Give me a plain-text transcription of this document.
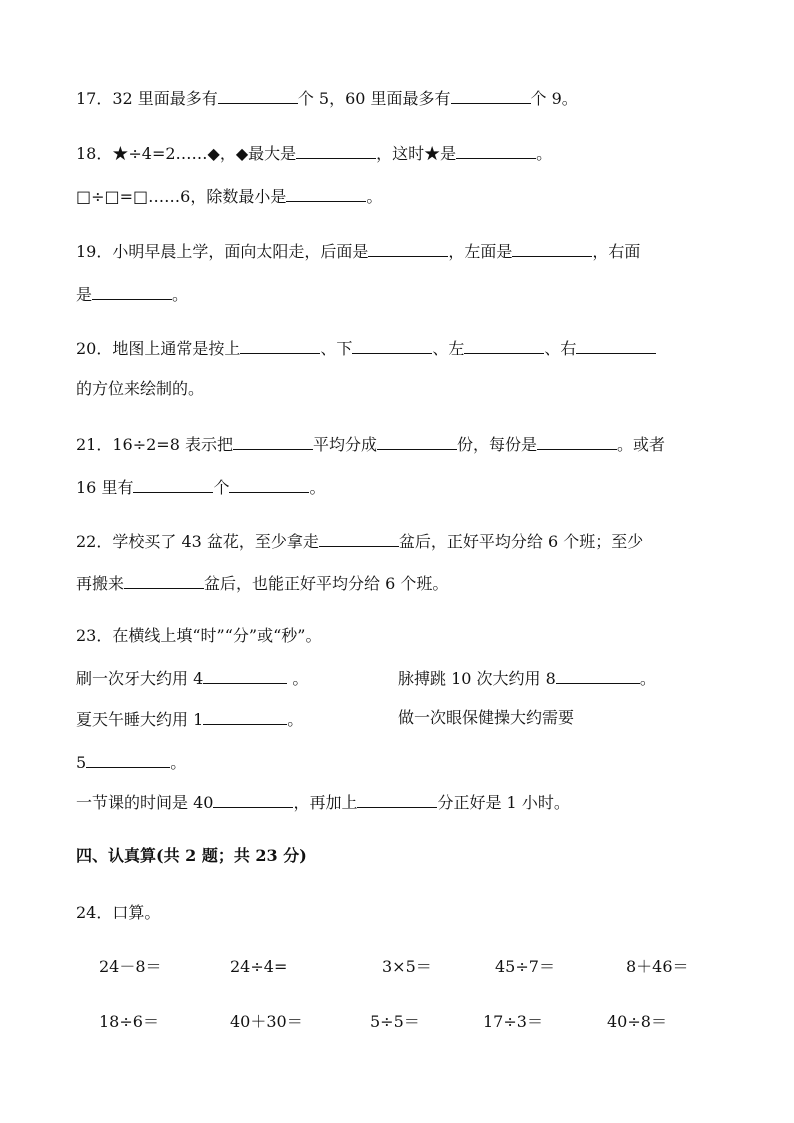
17．32 里面最多有	个 5，60 里面最多有	个 9。
18．★÷4=2……◆，◆最大是	，这时★是	。
□÷□=□……6，除数最小是	。
19．小明早晨上学，面向太阳走，后面是	，左面是	，右面
是	。
20．地图上通常是按上	、下	、左	、右
的方位来绘制的。
21．16÷2=8 表示把	平均分成	份，每份是	。或者
16 里有	个	。
22．学校买了 43 盆花，至少拿走	盆后，正好平均分给 6 个班；至少
再搬来	盆后，也能正好平均分给 6 个班。
23．在横线上填“时”“分”或“秒”。
刷一次牙大约用 4	。	脉搏跳 10 次大约用 8	。
夏天午睡大约用 1	。	做一次眼保健操大约需要
5	。
一节课的时间是 40	，再加上	分正好是 1 小时。
四、认真算(共 2 题；共 23 分)
24．口算。
24－8＝	24÷4=	3×5＝	45÷7＝	8＋46＝
18÷6＝	40＋30＝	5÷5＝	17÷3＝	40÷8＝
